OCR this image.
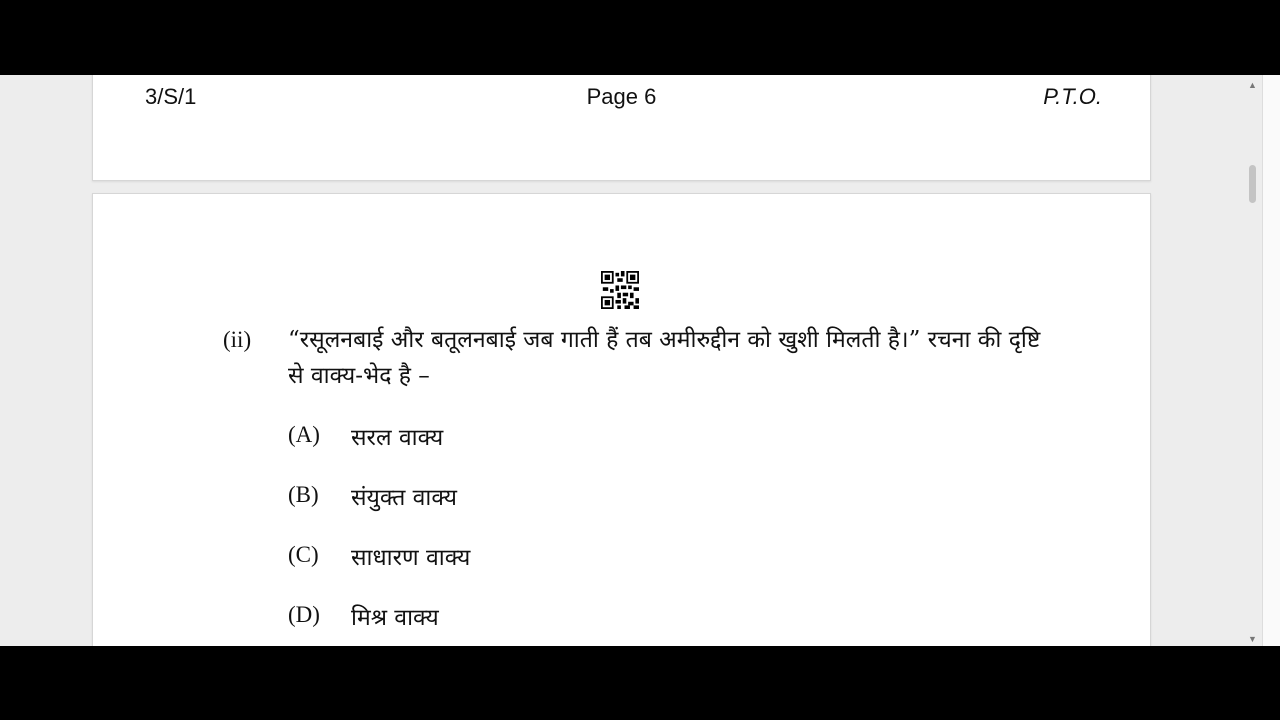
3/S/1	Page 6	P.T.O.
(ii) “रसूलनबाई और बतूलनबाई जब गाती हैं तब अमीरुद्दीन को खुशी मिलती है।” रचना की दृष्टि से वाक्य-भेद है –
(A) सरल वाक्य
(B) संयुक्त वाक्य
(C) साधारण वाक्य
(D) मिश्र वाक्य
▲
▼
